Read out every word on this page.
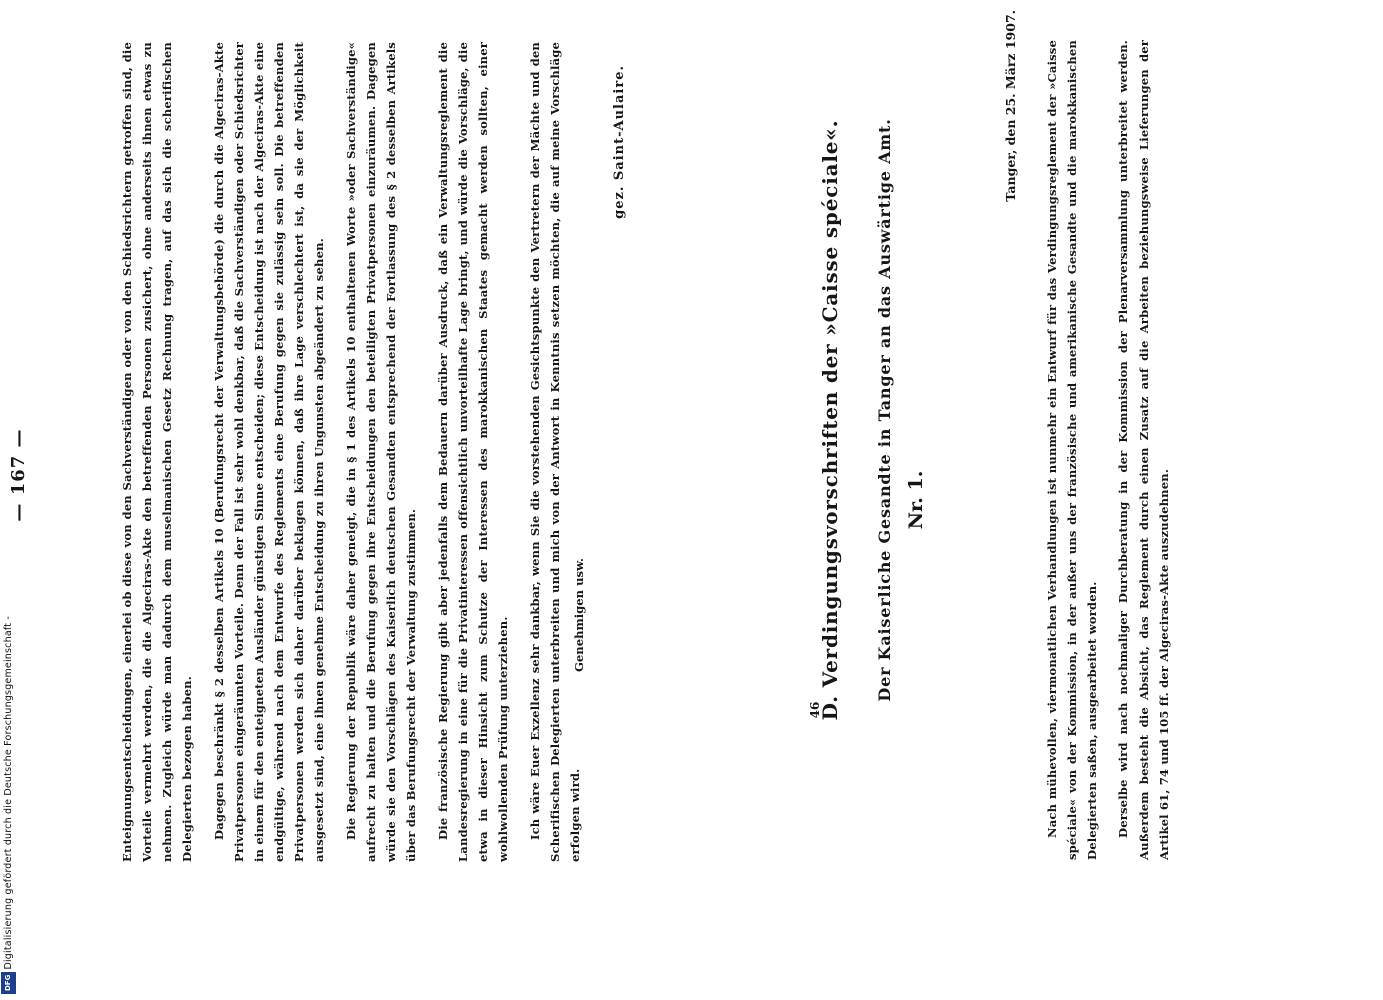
— 167 —	Enteignungsentscheidungen, einerlei ob diese von den Sachverständigen oder von den Schiedsrichtern getroffen sind, die Vorteile vermehrt werden, die die Algeciras-Akte den betreffenden Personen zusichert, ohne anderseits ihnen etwas zu nehmen. Zugleich würde man dadurch dem muselmanischen Gesetz Rechnung tragen, auf das sich die scherifischen Delegierten bezogen haben. Dagegen beschränkt § 2 desselben Artikels 10 (Berufungsrecht der Verwaltungsbehörde) die durch die Algeciras-Akte Privatpersonen eingeräumten Vorteile. Denn der Fall ist sehr wohl denkbar, daß die Sachverständigen oder Schiedsrichter in einem für den enteigneten Ausländer günstigen Sinne entscheiden; diese Entscheidung ist nach der Algeciras-Akte eine endgültige, während nach dem Entwurfe des Reglements eine Berufung gegen sie zulässig sein soll. Die betreffenden Privatpersonen werden sich daher darüber beklagen können, daß ihre Lage verschlechtert ist, da sie der Möglichkeit ausgesetzt sind, eine ihnen genehme Entscheidung zu ihren Ungunsten abgeändert zu sehen. Die Regierung der Republik wäre daher geneigt, die in § 1 des Artikels 10 enthaltenen Worte »oder Sachverständige« aufrecht zu halten und die Berufung gegen ihre Entscheidungen den beteiligten Privatpersonen einzuräumen. Dagegen würde sie den Vorschlägen des Kaiserlich deutschen Gesandten entsprechend der Fortlassung des § 2 desselben Artikels über das Berufungsrecht der Verwaltung zustimmen. Die französische Regierung gibt aber jedenfalls dem Bedauern darüber Ausdruck, daß ein Verwaltungsreglement die Landesregierung in eine für die Privatinteressen offensichtlich unvorteilhafte Lage bringt, und würde die Vorschläge, die etwa in dieser Hinsicht zum Schutze der Interessen des marokkanischen Staates gemacht werden sollten, einer wohlwollenden Prüfung unterziehen. Ich wäre Euer Exzellenz sehr dankbar, wenn Sie die vorstehenden Gesichtspunkte den Vertretern der Mächte und den Scherifischen Delegierten unterbreiten und mich von der Antwort in Kenntnis setzen möchten, die auf meine Vorschläge erfolgen wird.

Genehmigen usw.
gez. Saint-Aulaire.
46
D. Verdingungsvorschriften der »Caisse spéciale«. Der Kaiserliche Gesandte in Tanger an das Auswärtige Amt. Nr. 1.
Tanger, den 25. März 1907. Nach mühevollen, viermonatlichen Verhandlungen ist nunmehr ein Entwurf für das Verdingungsreglement der »Caisse spéciale« von der Kommission, in der außer uns der französische und amerikanische Gesandte und die marokkanischen Delegierten saßen, ausgearbeitet worden. Derselbe wird nach nochmaliger Durchberatung in der Kommission der Plenarversammlung unterbreitet werden. Außerdem besteht die Absicht, das Reglement durch einen Zusatz auf die Arbeiten beziehungsweise Lieferungen der Artikel 61, 74 und 105 ff. der Algeciras-Akte auszudehnen.

Digitalisierung gefördert durch die Deutsche Forschungsgemeinschaft -
DFG
